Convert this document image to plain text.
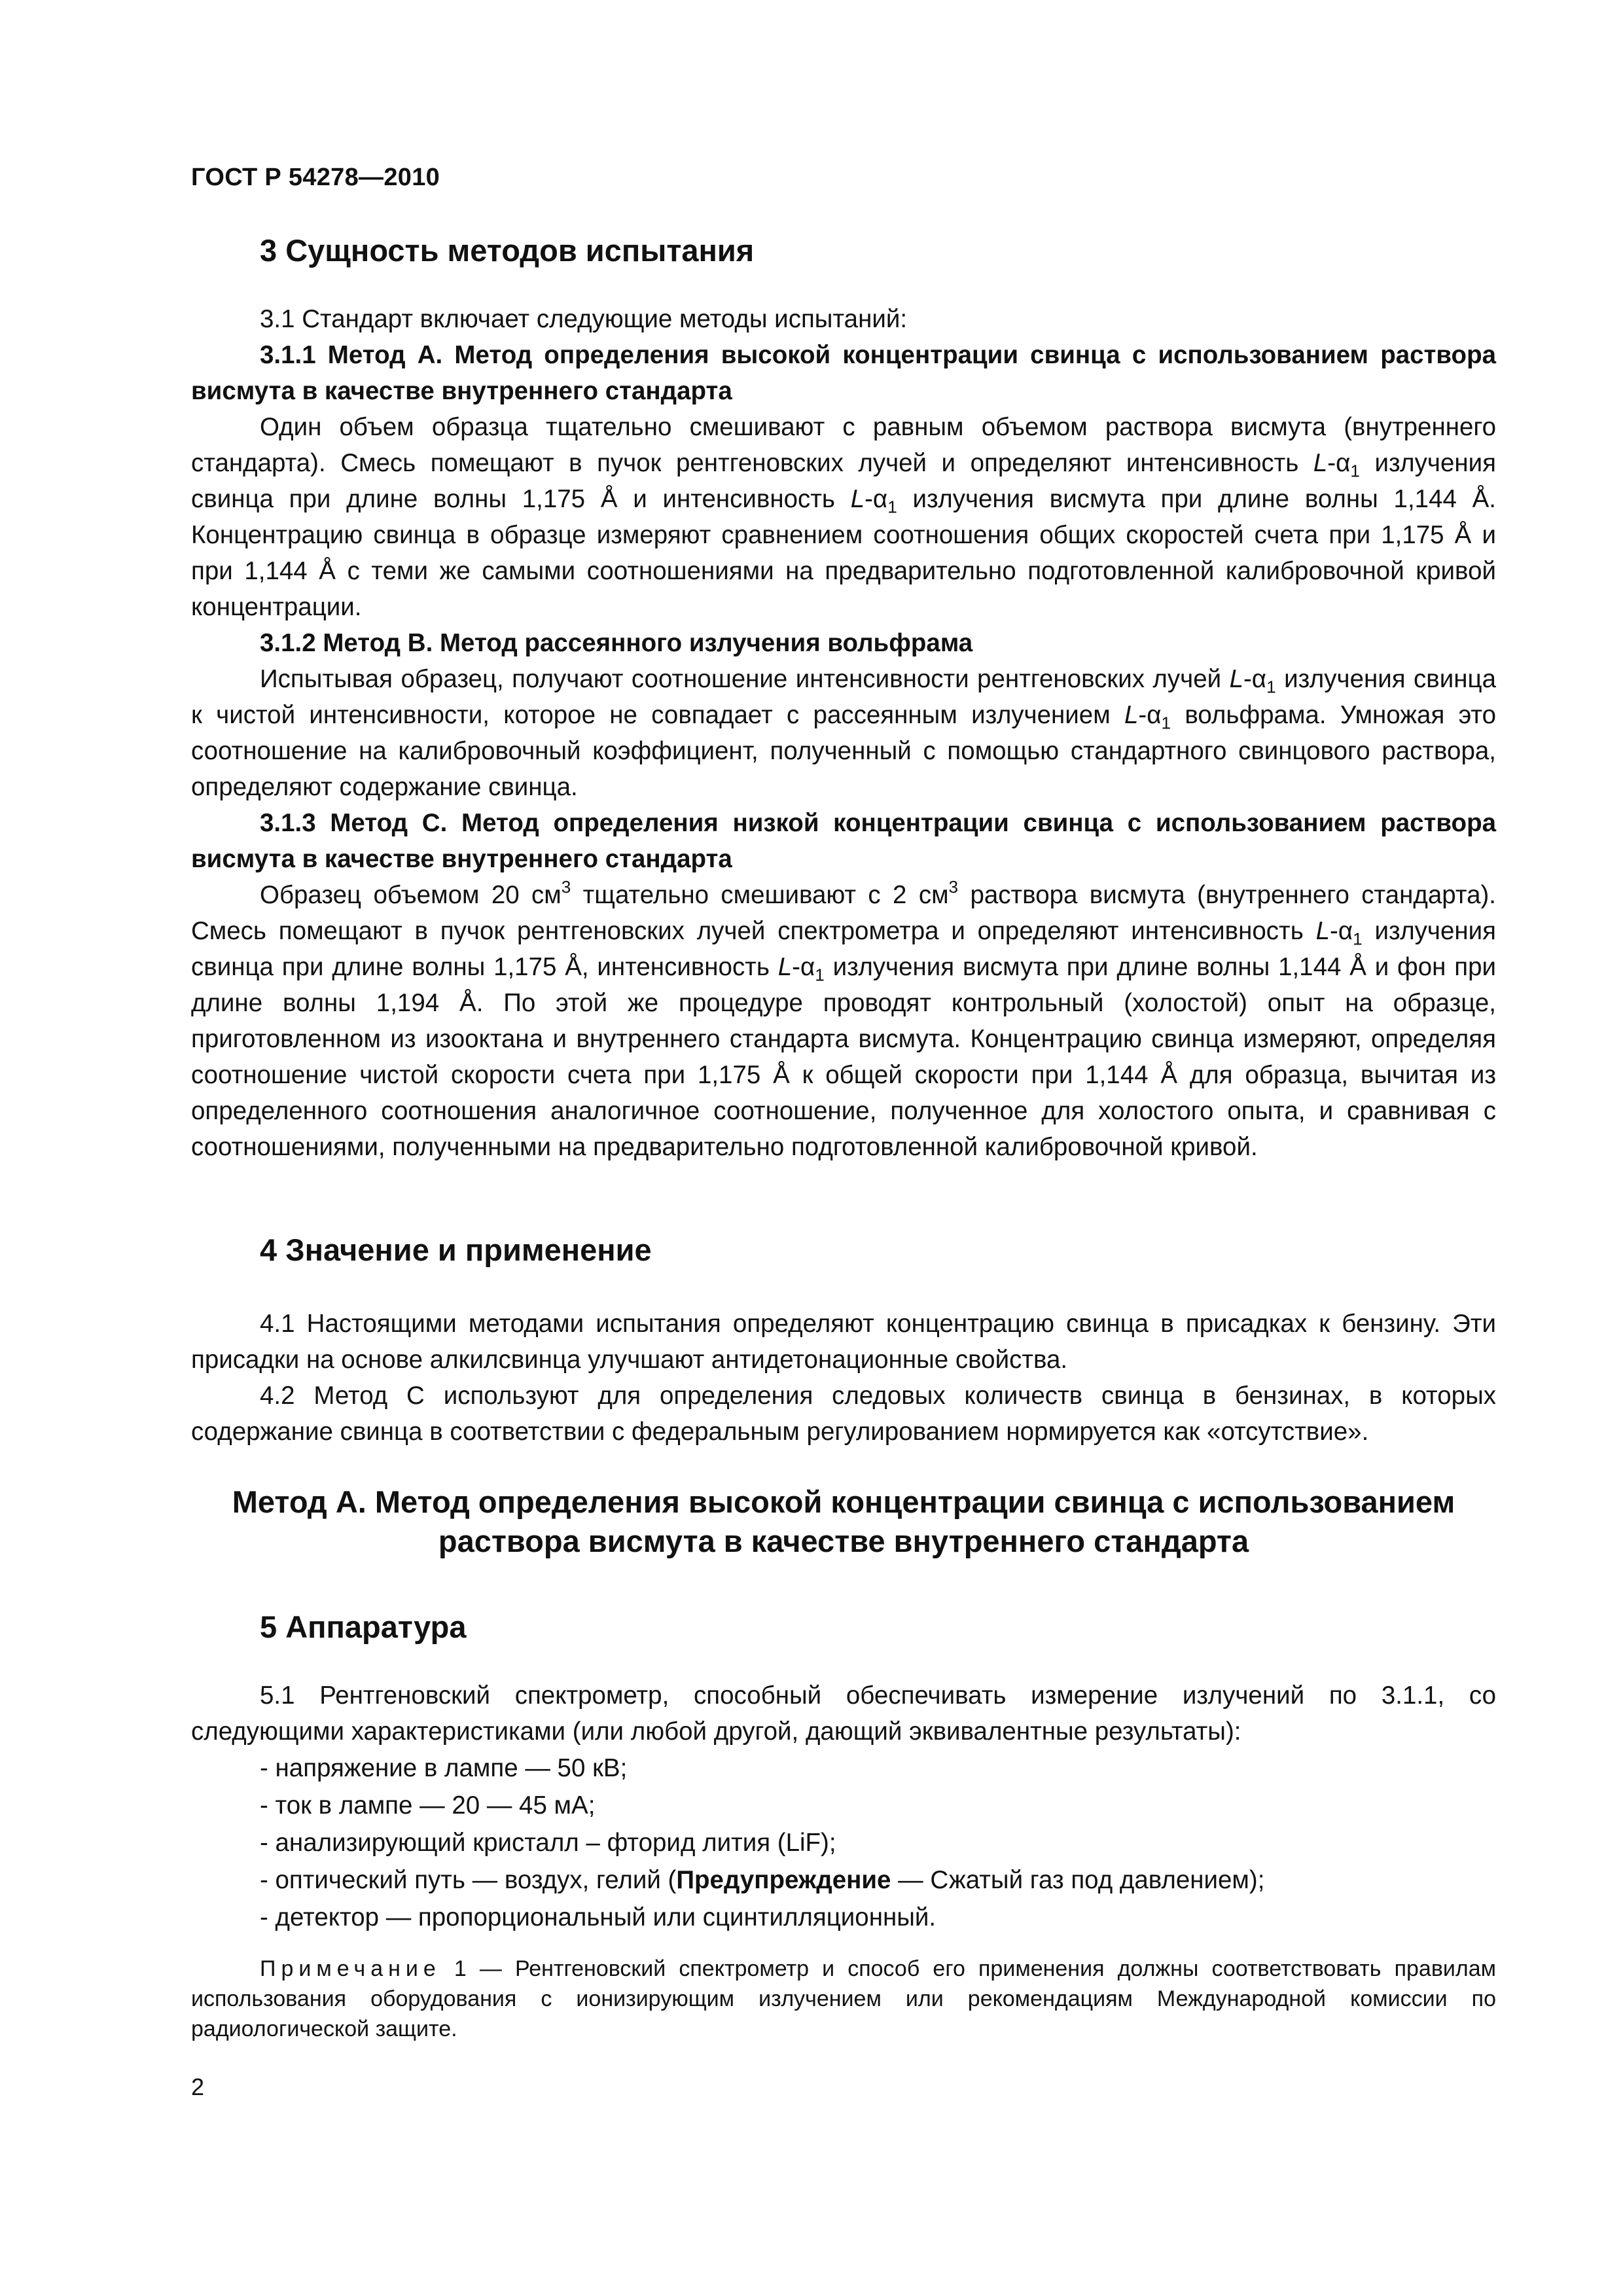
ГОСТ Р 54278—2010
3 Сущность методов испытания

3.1 Стандарт включает следующие методы испытаний:

3.1.1 Метод А. Метод определения высокой концентрации свинца с использованием раствора висмута в качестве внутреннего стандарта

Один объем образца тщательно смешивают с равным объемом раствора висмута (внутреннего стандарта). Смесь помещают в пучок рентгеновских лучей и определяют интенсивность $L-\alpha_1$ излучения свинца при длине волны 1,175 Å и интенсивность $L-\alpha_1$ излучения висмута при длине волны 1,144 Å. Концентрацию свинца в образце измеряют сравнением соотношения общих скоростей счета при 1,175 Å и при 1,144 Å с теми же самыми соотношениями на предварительно подготовленной калибровочной кривой концентрации.

3.1.2 Метод В. Метод рассеянного излучения вольфрама

Испытывая образец, получают соотношение интенсивности рентгеновских лучей $L-\alpha_1$ излучения свинца к чистой интенсивности, которое не совпадает с рассеянным излучением $L-\alpha_1$ вольфрама. Умножая это соотношение на калибровочный коэффициент, полученный с помощью стандартного свинцового раствора, определяют содержание свинца.

3.1.3 Метод С. Метод определения низкой концентрации свинца с использованием раствора висмута в качестве внутреннего стандарта

Образец объемом 20 $см^3$ тщательно смешивают с 2 $см^3$ раствора висмута (внутреннего стандарта). Смесь помещают в пучок рентгеновских лучей спектрометра и определяют интенсивность $L-\alpha_1$ излучения свинца при длине волны 1,175 Å, интенсивность $L-\alpha_1$ излучения висмута при длине волны 1,144 Å и фон при длине волны 1,194 Å. По этой же процедуре проводят контрольный (холостой) опыт на образце, приготовленном из изооктана и внутреннего стандарта висмута. Концентрацию свинца измеряют, определяя соотношение чистой скорости счета при 1,175 Å к общей скорости при 1,144 Å для образца, вычитая из определенного соотношения аналогичное соотношение, полученное для холостого опыта, и сравнивая с соотношениями, полученными на предварительно подготовленной калибровочной кривой.

4 Значение и применение

4.1 Настоящими методами испытания определяют концентрацию свинца в присадках к бензину. Эти присадки на основе алкилсвинца улучшают антидетонационные свойства.

4.2 Метод С используют для определения следовых количеств свинца в бензинах, в которых содержание свинца в соответствии с федеральным регулированием нормируется как «отсутствие».

Метод А. Метод определения высокой концентрации свинца с использованием
раствора висмута в качестве внутреннего стандарта
5 Аппаратура

5.1 Рентгеновский спектрометр, способный обеспечивать измерение излучений по 3.1.1, со следующими характеристиками (или любой другой, дающий эквивалентные результаты):

- напряжение в лампе — 50 кВ;

- ток в лампе — 20 — 45 мА;

- анализирующий кристалл – фторид лития (LiF);

- оптический путь — воздух, гелий (Предупреждение — Сжатый газ под давлением);

- детектор — пропорциональный или сцинтилляционный.

Примечание 1 — Рентгеновский спектрометр и способ его применения должны соответствовать правилам использования оборудования с ионизирующим излучением или рекомендациям Международной комиссии по радиологической защите.

2
